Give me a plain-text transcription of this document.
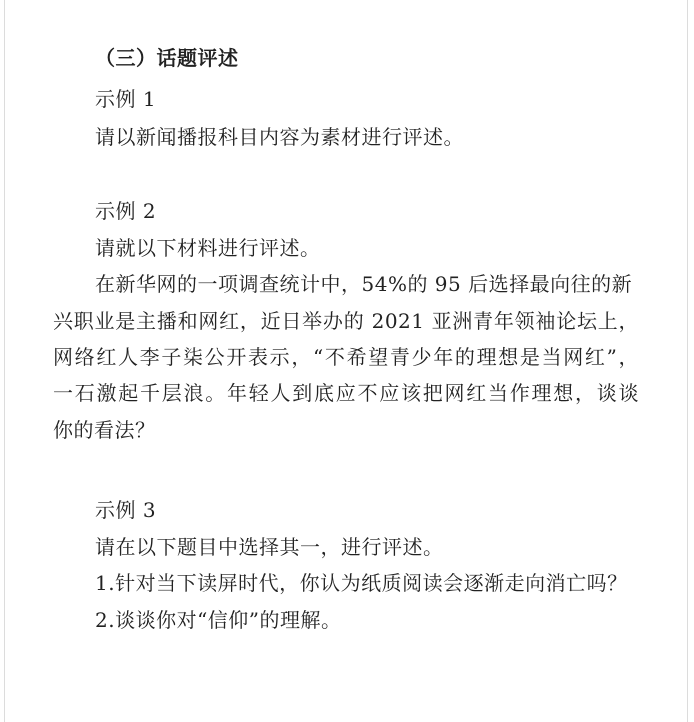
（三）话题评述
示例 1
请以新闻播报科目内容为素材进行评述。
示例 2
请就以下材料进行评述。
在新华网的一项调查统计中，54%的 95 后选择最向往的新
兴职业是主播和网红，近日举办的 2021 亚洲青年领袖论坛上，
网络红人李子柒公开表示，“不希望青少年的理想是当网红”，
一石激起千层浪。年轻人到底应不应该把网红当作理想，谈谈
你的看法？
示例 3
请在以下题目中选择其一，进行评述。
1.针对当下读屏时代，你认为纸质阅读会逐渐走向消亡吗？
2.谈谈你对“信仰”的理解。
